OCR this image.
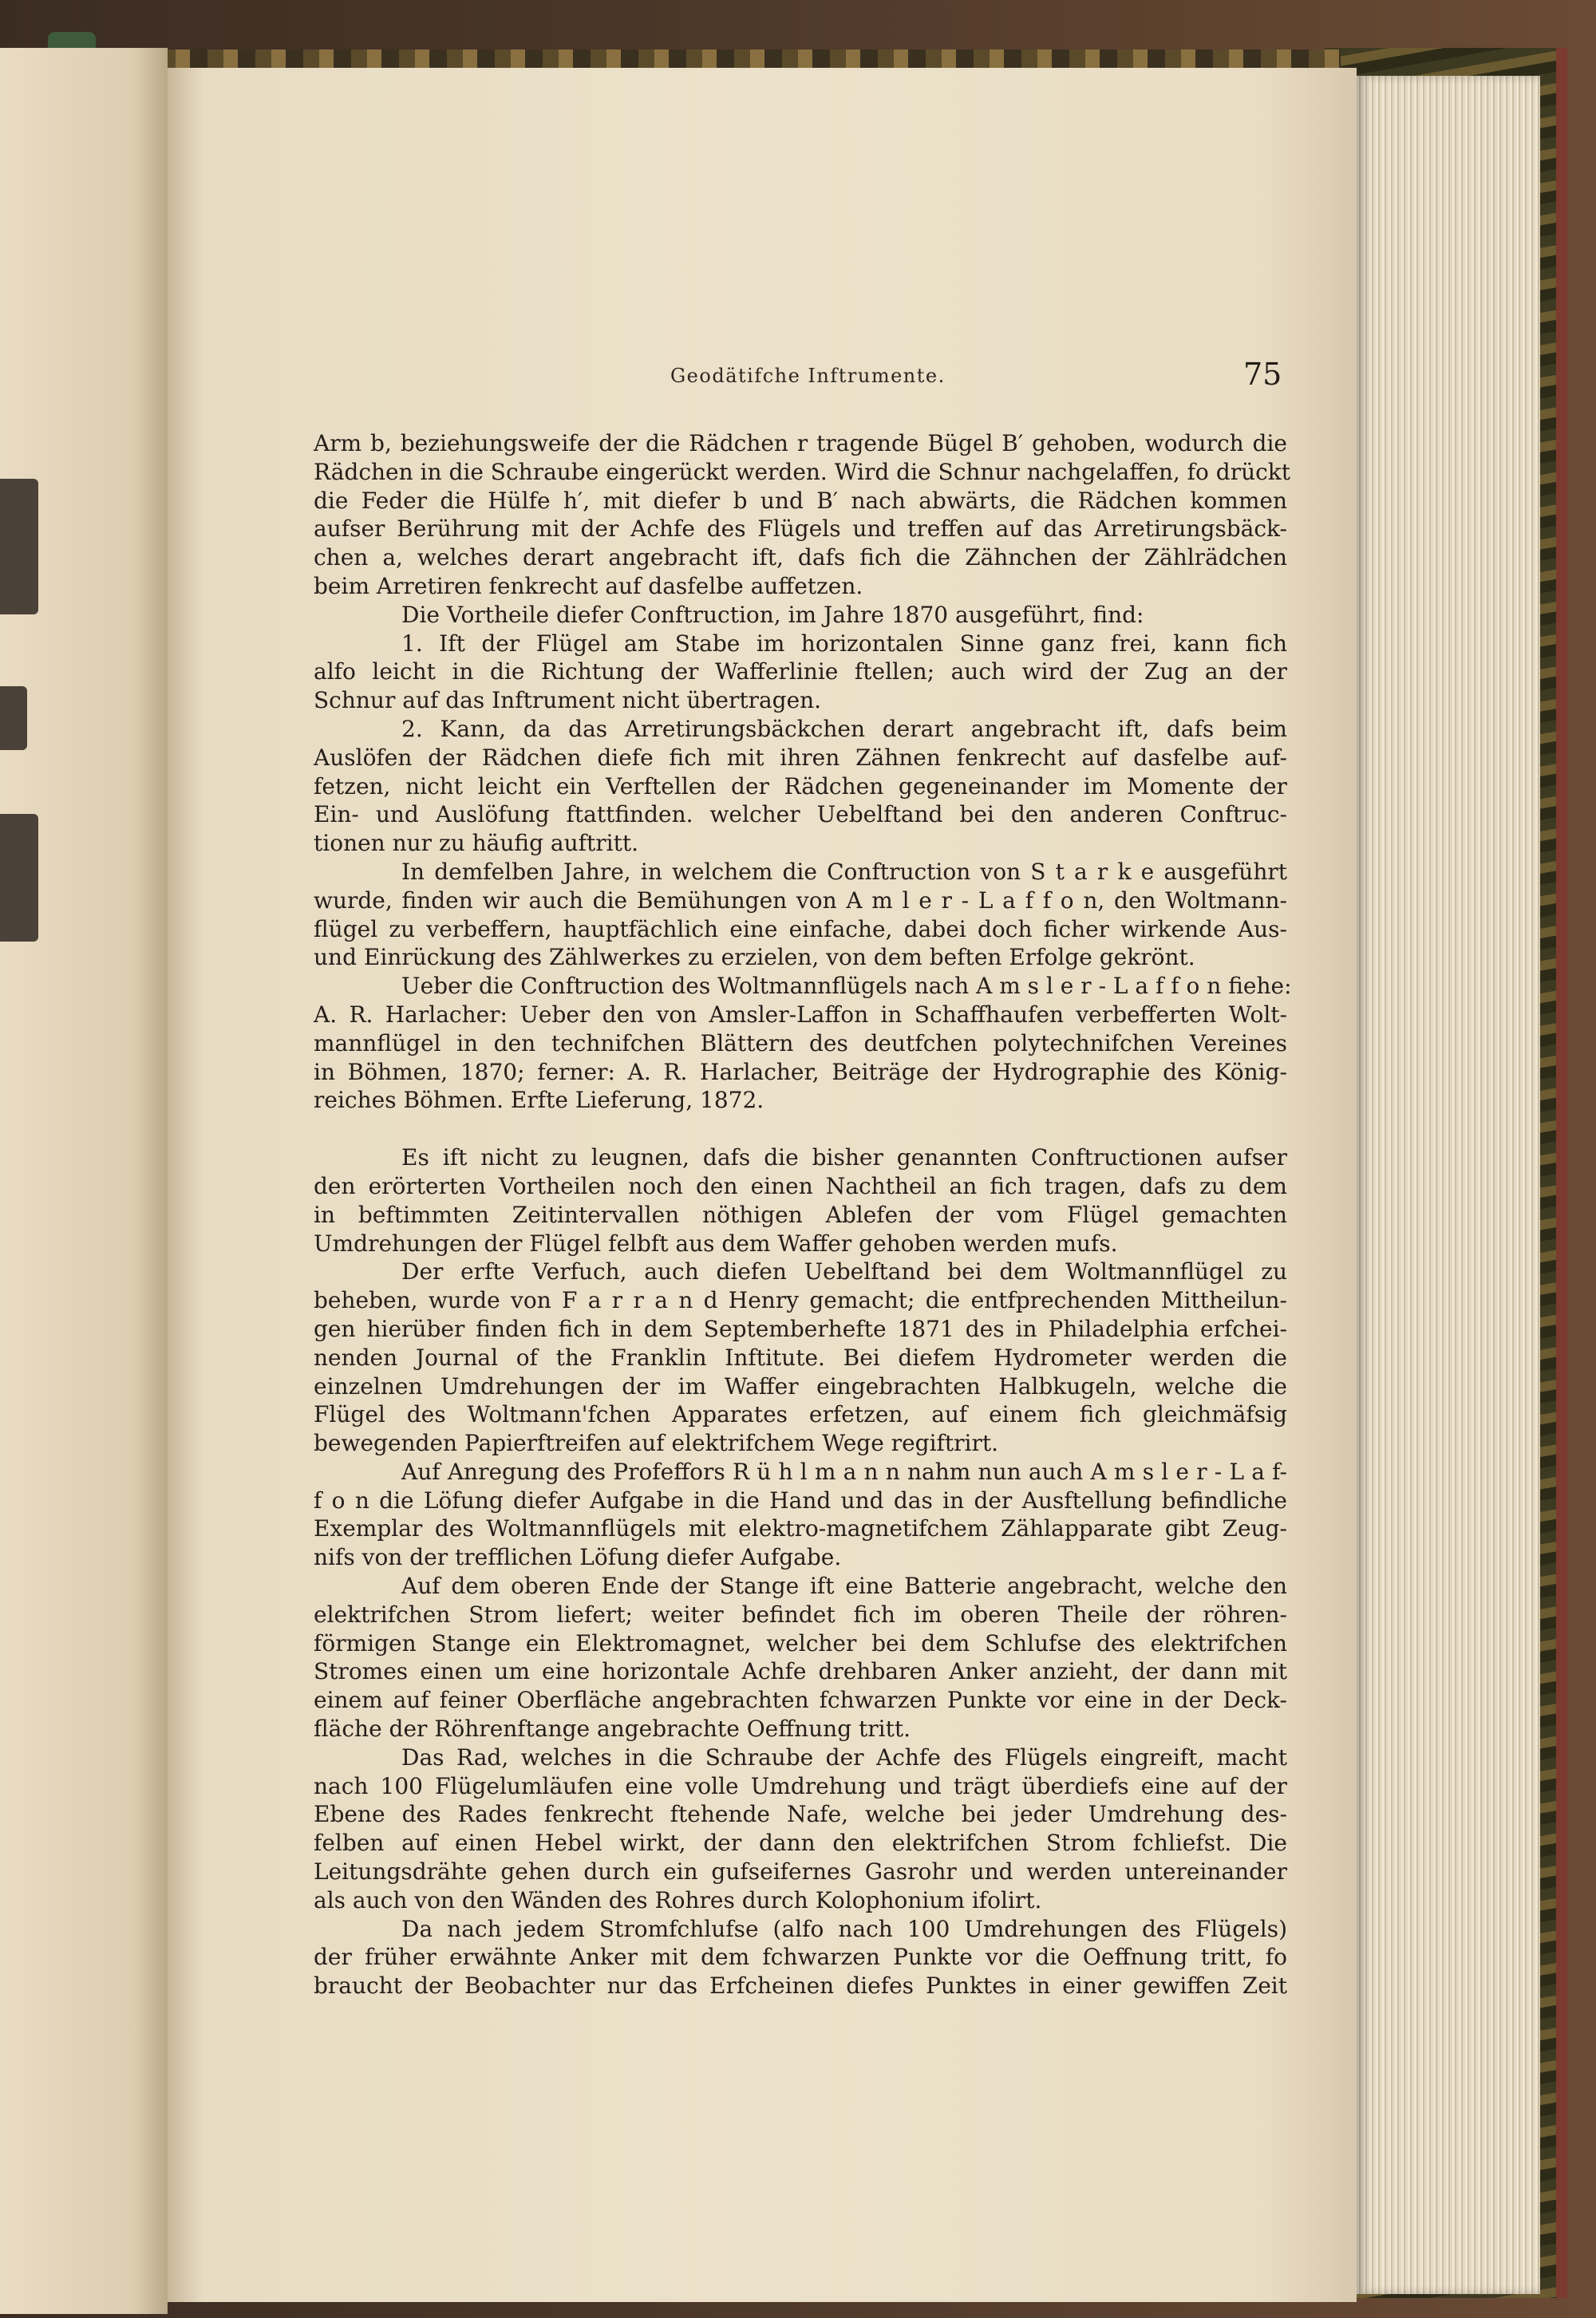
Geodätifche Inftrumente.	75
Arm b, beziehungsweife der die Rädchen r tragende Bügel B′ gehoben, wodurch die
Rädchen in die Schraube eingerückt werden. Wird die Schnur nachgelaffen, fo drückt
die Feder die Hülfe h′, mit diefer b und B′ nach abwärts, die Rädchen kommen
aufser Berührung mit der Achfe des Flügels und treffen auf das Arretirungsbäck-
chen a, welches derart angebracht ift, dafs fich die Zähnchen der Zählrädchen
beim Arretiren fenkrecht auf dasfelbe auffetzen.
Die Vortheile diefer Conftruction, im Jahre 1870 ausgeführt, find:
1. Ift der Flügel am Stabe im horizontalen Sinne ganz frei, kann fich
alfo leicht in die Richtung der Wafferlinie ftellen; auch wird der Zug an der
Schnur auf das Inftrument nicht übertragen.
2. Kann, da das Arretirungsbäckchen derart angebracht ift, dafs beim
Auslöfen der Rädchen diefe fich mit ihren Zähnen fenkrecht auf dasfelbe auf-
fetzen, nicht leicht ein Verftellen der Rädchen gegeneinander im Momente der
Ein- und Auslöfung ftattfinden. welcher Uebelftand bei den anderen Conftruc-
tionen nur zu häufig auftritt.
In demfelben Jahre, in welchem die Conftruction von S t a r k e ausgeführt
wurde, finden wir auch die Bemühungen von A m l e r - L a f f o n, den Woltmann-
flügel zu verbeffern, hauptfächlich eine einfache, dabei doch ficher wirkende Aus-
und Einrückung des Zählwerkes zu erzielen, von dem beften Erfolge gekrönt.
Ueber die Conftruction des Woltmannflügels nach A m s l e r - L a f f o n fiehe:
A. R. Harlacher: Ueber den von Amsler-Laffon in Schaffhaufen verbefferten Wolt-
mannflügel in den technifchen Blättern des deutfchen polytechnifchen Vereines
in Böhmen, 1870; ferner: A. R. Harlacher, Beiträge der Hydrographie des König-
reiches Böhmen. Erfte Lieferung, 1872.
Es ift nicht zu leugnen, dafs die bisher genannten Conftructionen aufser
den erörterten Vortheilen noch den einen Nachtheil an fich tragen, dafs zu dem
in beftimmten Zeitintervallen nöthigen Ablefen der vom Flügel gemachten
Umdrehungen der Flügel felbft aus dem Waffer gehoben werden mufs.
Der erfte Verfuch, auch diefen Uebelftand bei dem Woltmannflügel zu
beheben, wurde von F a r r a n d Henry gemacht; die entfprechenden Mittheilun-
gen hierüber finden fich in dem Septemberhefte 1871 des in Philadelphia erfchei-
nenden Journal of the Franklin Inftitute. Bei diefem Hydrometer werden die
einzelnen Umdrehungen der im Waffer eingebrachten Halbkugeln, welche die
Flügel des Woltmann'fchen Apparates erfetzen, auf einem fich gleichmäfsig
bewegenden Papierftreifen auf elektrifchem Wege regiftrirt.
Auf Anregung des Profeffors R ü h l m a n n nahm nun auch A m s l e r - L a f-
f o n die Löfung diefer Aufgabe in die Hand und das in der Ausftellung befindliche
Exemplar des Woltmannflügels mit elektro-magnetifchem Zählapparate gibt Zeug-
nifs von der trefflichen Löfung diefer Aufgabe.
Auf dem oberen Ende der Stange ift eine Batterie angebracht, welche den
elektrifchen Strom liefert; weiter befindet fich im oberen Theile der röhren-
förmigen Stange ein Elektromagnet, welcher bei dem Schlufse des elektrifchen
Stromes einen um eine horizontale Achfe drehbaren Anker anzieht, der dann mit
einem auf feiner Oberfläche angebrachten fchwarzen Punkte vor eine in der Deck-
fläche der Röhrenftange angebrachte Oeffnung tritt.
Das Rad, welches in die Schraube der Achfe des Flügels eingreift, macht
nach 100 Flügelumläufen eine volle Umdrehung und trägt überdiefs eine auf der
Ebene des Rades fenkrecht ftehende Nafe, welche bei jeder Umdrehung des-
felben auf einen Hebel wirkt, der dann den elektrifchen Strom fchliefst. Die
Leitungsdrähte gehen durch ein gufseifernes Gasrohr und werden untereinander
als auch von den Wänden des Rohres durch Kolophonium ifolirt.
Da nach jedem Stromfchlufse (alfo nach 100 Umdrehungen des Flügels)
der früher erwähnte Anker mit dem fchwarzen Punkte vor die Oeffnung tritt, fo
braucht der Beobachter nur das Erfcheinen diefes Punktes in einer gewiffen Zeit
